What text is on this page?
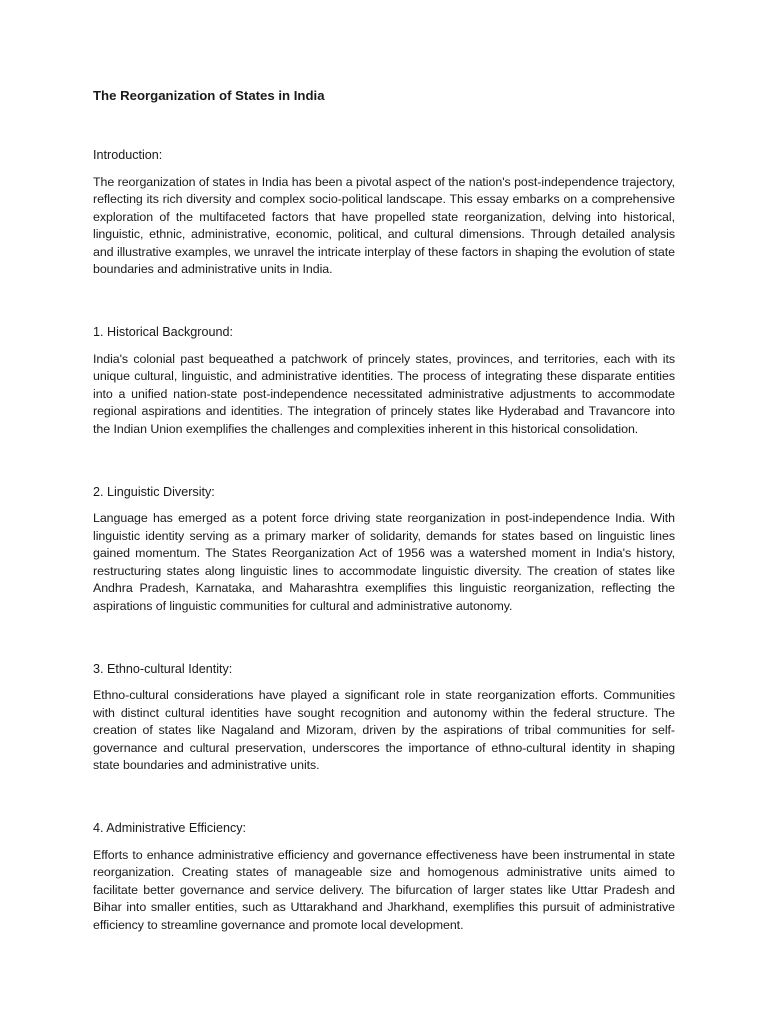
The Reorganization of States in India

Introduction:

The reorganization of states in India has been a pivotal aspect of the nation's post-independence trajectory, reflecting its rich diversity and complex socio-political landscape. This essay embarks on a comprehensive exploration of the multifaceted factors that have propelled state reorganization, delving into historical, linguistic, ethnic, administrative, economic, political, and cultural dimensions. Through detailed analysis and illustrative examples, we unravel the intricate interplay of these factors in shaping the evolution of state boundaries and administrative units in India.

1. Historical Background:

India's colonial past bequeathed a patchwork of princely states, provinces, and territories, each with its unique cultural, linguistic, and administrative identities. The process of integrating these disparate entities into a unified nation-state post-independence necessitated administrative adjustments to accommodate regional aspirations and identities. The integration of princely states like Hyderabad and Travancore into the Indian Union exemplifies the challenges and complexities inherent in this historical consolidation.

2. Linguistic Diversity:

Language has emerged as a potent force driving state reorganization in post-independence India. With linguistic identity serving as a primary marker of solidarity, demands for states based on linguistic lines gained momentum. The States Reorganization Act of 1956 was a watershed moment in India's history, restructuring states along linguistic lines to accommodate linguistic diversity. The creation of states like Andhra Pradesh, Karnataka, and Maharashtra exemplifies this linguistic reorganization, reflecting the aspirations of linguistic communities for cultural and administrative autonomy.

3. Ethno-cultural Identity:

Ethno-cultural considerations have played a significant role in state reorganization efforts. Communities with distinct cultural identities have sought recognition and autonomy within the federal structure. The creation of states like Nagaland and Mizoram, driven by the aspirations of tribal communities for self-governance and cultural preservation, underscores the importance of ethno-cultural identity in shaping state boundaries and administrative units.

4. Administrative Efficiency:

Efforts to enhance administrative efficiency and governance effectiveness have been instrumental in state reorganization. Creating states of manageable size and homogenous administrative units aimed to facilitate better governance and service delivery. The bifurcation of larger states like Uttar Pradesh and Bihar into smaller entities, such as Uttarakhand and Jharkhand, exemplifies this pursuit of administrative efficiency to streamline governance and promote local development.
